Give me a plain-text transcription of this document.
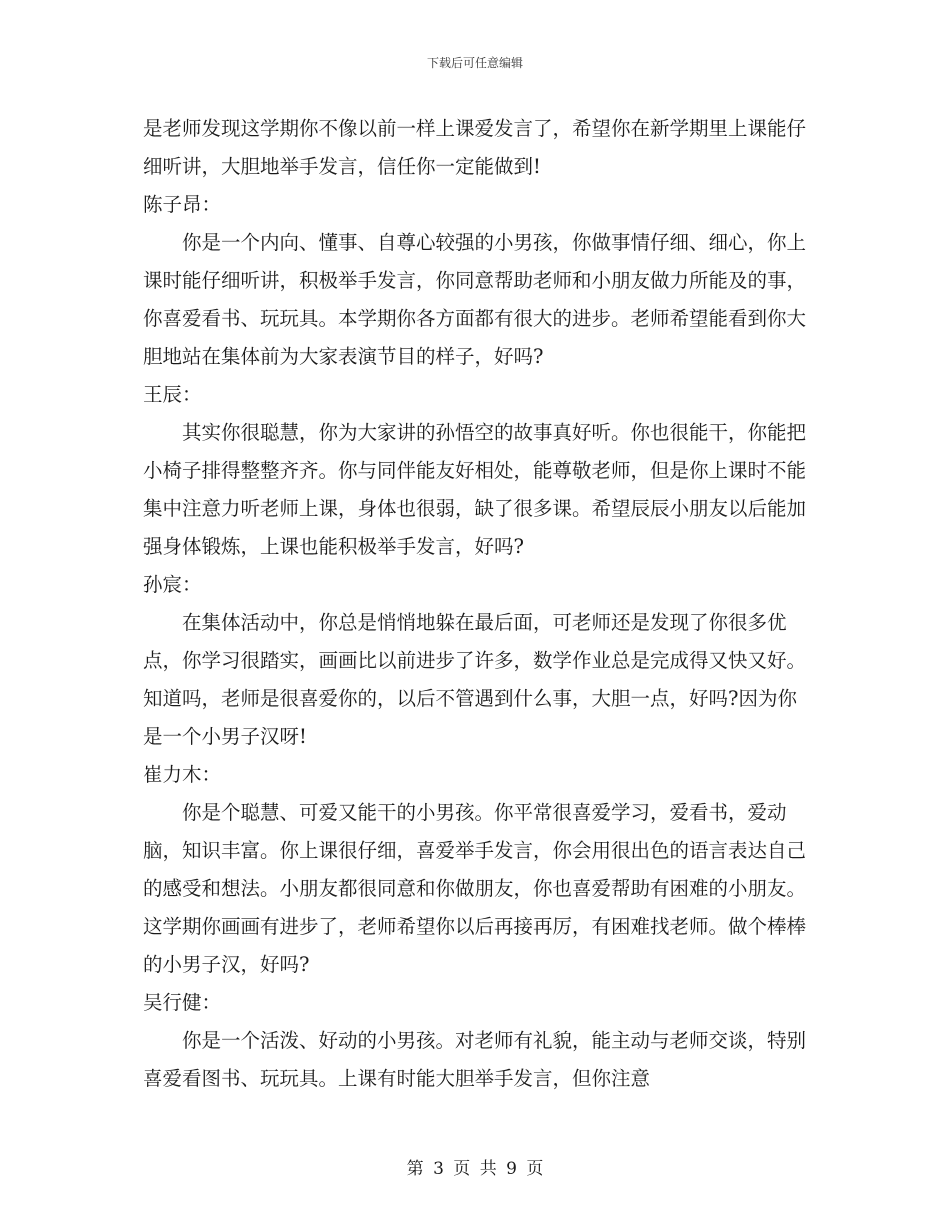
下载后可任意编辑

是老师发现这学期你不像以前一样上课爱发言了，希望你在新学期里上课能仔细听讲，大胆地举手发言，信任你一定能做到!

陈子昂：

你是一个内向、懂事、自尊心较强的小男孩，你做事情仔细、细心，你上课时能仔细听讲，积极举手发言，你同意帮助老师和小朋友做力所能及的事，你喜爱看书、玩玩具。本学期你各方面都有很大的进步。老师希望能看到你大胆地站在集体前为大家表演节目的样子，好吗?

王辰：

其实你很聪慧，你为大家讲的孙悟空的故事真好听。你也很能干，你能把小椅子排得整整齐齐。你与同伴能友好相处，能尊敬老师，但是你上课时不能集中注意力听老师上课，身体也很弱，缺了很多课。希望辰辰小朋友以后能加强身体锻炼，上课也能积极举手发言，好吗?

孙宸：

在集体活动中，你总是悄悄地躲在最后面，可老师还是发现了你很多优点，你学习很踏实，画画比以前进步了许多，数学作业总是完成得又快又好。知道吗，老师是很喜爱你的，以后不管遇到什么事，大胆一点，好吗?因为你是一个小男子汉呀!

崔力木：

你是个聪慧、可爱又能干的小男孩。你平常很喜爱学习，爱看书，爱动脑，知识丰富。你上课很仔细，喜爱举手发言，你会用很出色的语言表达自己的感受和想法。小朋友都很同意和你做朋友，你也喜爱帮助有困难的小朋友。这学期你画画有进步了，老师希望你以后再接再厉，有困难找老师。做个棒棒的小男子汉，好吗?

吴行健：

你是一个活泼、好动的小男孩。对老师有礼貌，能主动与老师交谈，特别喜爱看图书、玩玩具。上课有时能大胆举手发言，但你注意

第 3 页 共 9 页
